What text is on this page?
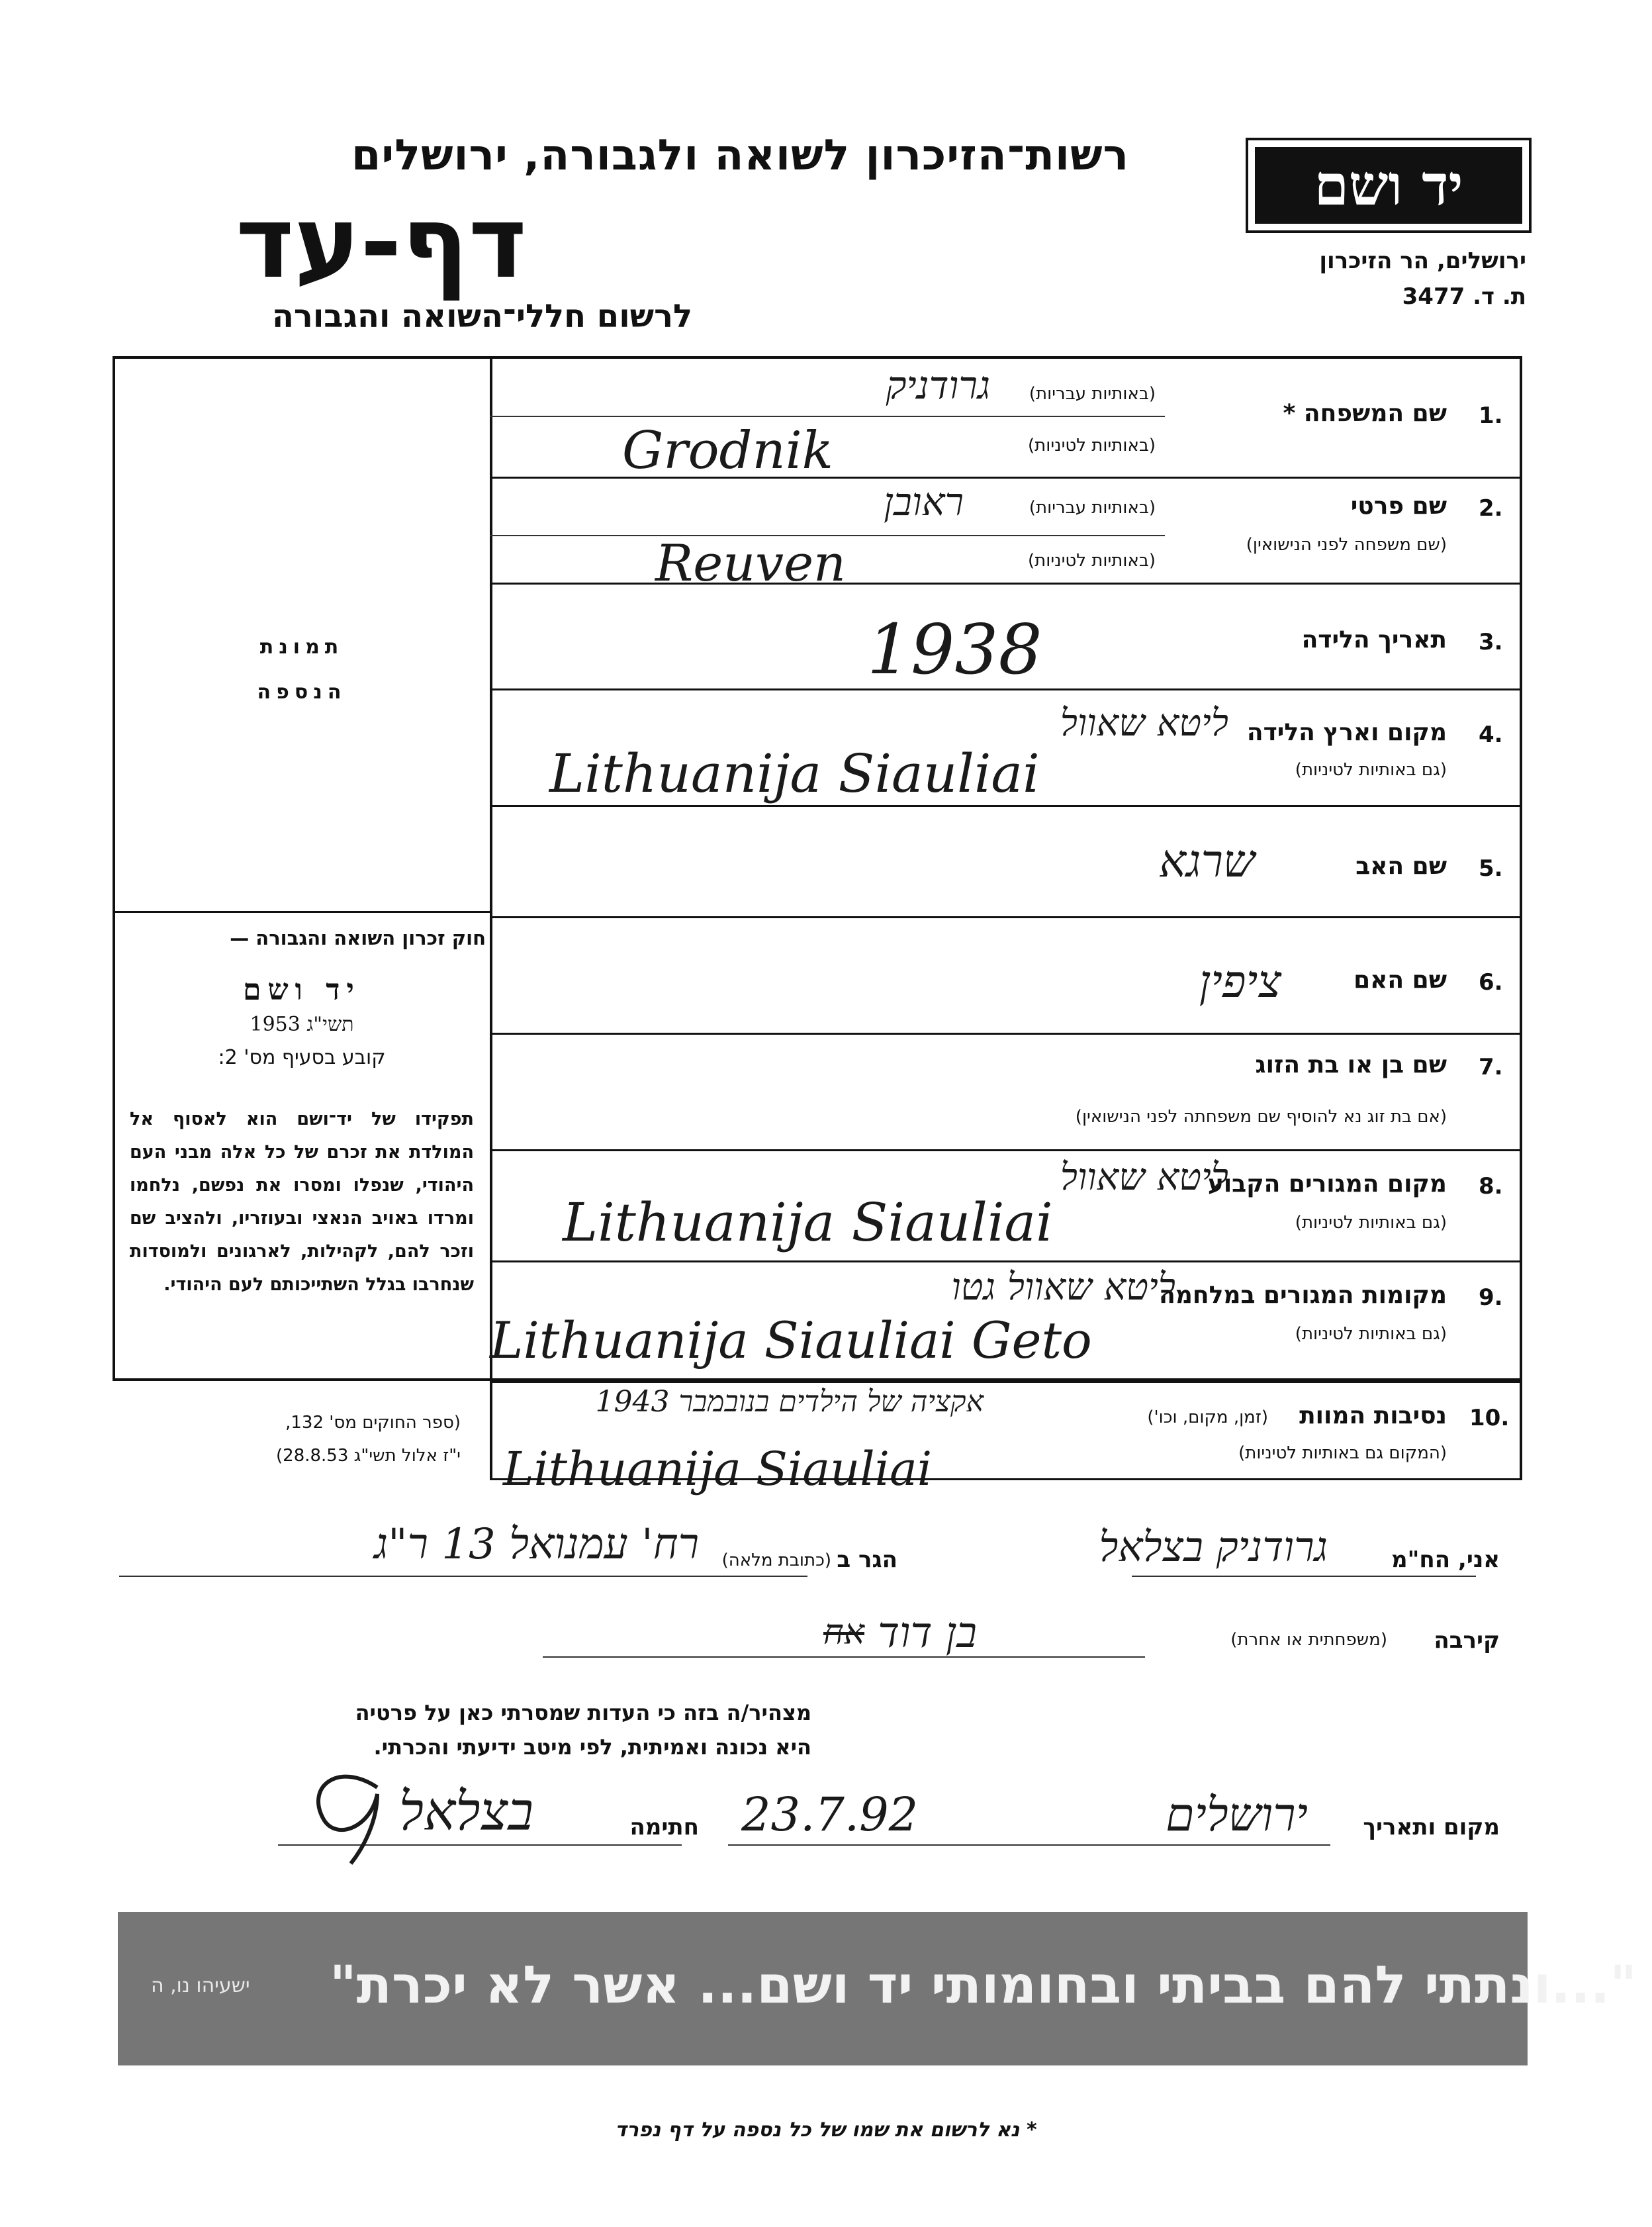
יד ושם
ירושלים, הר הזיכרון
ת. ד. 3477
רשות־הזיכרון לשואה ולגבורה, ירושלים
דף-עד
לרשום חללי־השואה והגבורה
תמונת
הנספה
חוק זכרון השואה והגבורה —
יד ושם
תשי"ג 1953
קובע בסעיף מס' 2:
תפקידו של יד־ושם הוא לאסוף אל המולדת את זכרם של כל אלה מבני העם היהודי, שנפלו ומסרו את נפשם, נלחמו ומרדו באויב הנאצי ובעוזריו, ולהציב שם וזכר להם, לקהילות, לארגונים ולמוסדות שנחרבו בגלל השתייכותם לעם היהודי.
(ספר החוקים מס' 132,
י"ז אלול תשי"ג 28.8.53)
1.
שם המשפחה *
(באותיות עבריות)
(באותיות לטיניות)
גרודניק
Grodnik
2.
שם פרטי
(שם משפחה לפני הנישואין)
(באותיות עבריות)
(באותיות לטיניות)
ראובן
Reuven
3.
תאריך הלידה
1938
4.
מקום וארץ הלידה
(גם באותיות לטיניות)
ליטא שאוול
Lithuanija Siauliai
5.
שם האב
שרגא
6.
שם האם
ציפין
7.
שם בן או בת הזוג
(אם בת זוג נא להוסיף שם משפחתה לפני הנישואין)
8.
מקום המגורים הקבוע
(גם באותיות לטיניות)
ליטא שאוול
Lithuanija Siauliai
9.
מקומות המגורים במלחמה
(גם באותיות לטיניות)
ליטא שאוול גטו
Lithuanija Siauliai Geto
10.
נסיבות המוות
(זמן, מקום, וכו')
(המקום גם באותיות לטיניות)
אקציה של הילדים בנובמבר 1943
Lithuanija Siauliai
אני, הח"מ
גרודניק בצלאל
הגר ב
(כתובת מלאה)
רח' עמנואל 13 ר"ג
קירבה
(משפחתית או אחרת)
בן דוד
אח
מצהיר/ה בזה כי העדות שמסרתי כאן על פרטיה
היא נכונה ואמיתית, לפי מיטב ידיעתי והכרתי.
מקום ותאריך
ירושלים
23.7.92
חתימה
בצלאל
"...ונתתי להם בביתי ובחומותי יד ושם... אשר לא יכרת"
ישעיהו נו, ה
* נא לרשום את שמו של כל נספה על דף נפרד
